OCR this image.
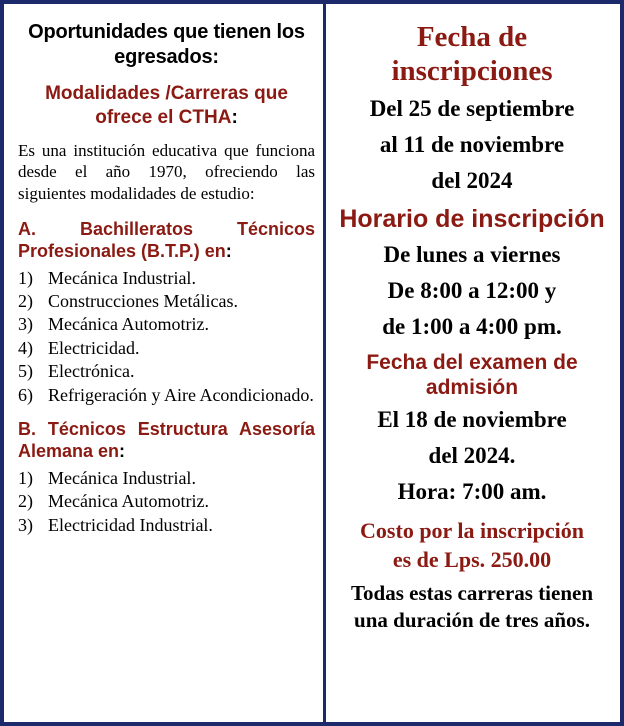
Oportunidades que tienen los egresados:
Modalidades /Carreras que ofrece el CTHA:
Es una institución educativa que funciona desde el año 1970, ofreciendo las siguientes modalidades de estudio:
A. Bachilleratos Técnicos Profesionales (B.T.P.) en:
1) Mecánica Industrial.
2) Construcciones Metálicas.
3) Mecánica Automotriz.
4) Electricidad.
5) Electrónica.
6) Refrigeración y Aire Acondicionado.
B. Técnicos Estructura Asesoría Alemana en:
1) Mecánica Industrial.
2) Mecánica Automotriz.
3) Electricidad Industrial.
Fecha de inscripciones
Del 25 de septiembre
al 11 de noviembre
del 2024
Horario de inscripción
De lunes a viernes
De 8:00 a 12:00 y
de 1:00 a 4:00 pm.
Fecha del examen de admisión
El 18 de noviembre
del 2024.
Hora: 7:00 am.
Costo por la inscripción
es de Lps. 250.00
Todas estas carreras tienen una duración de tres años.
